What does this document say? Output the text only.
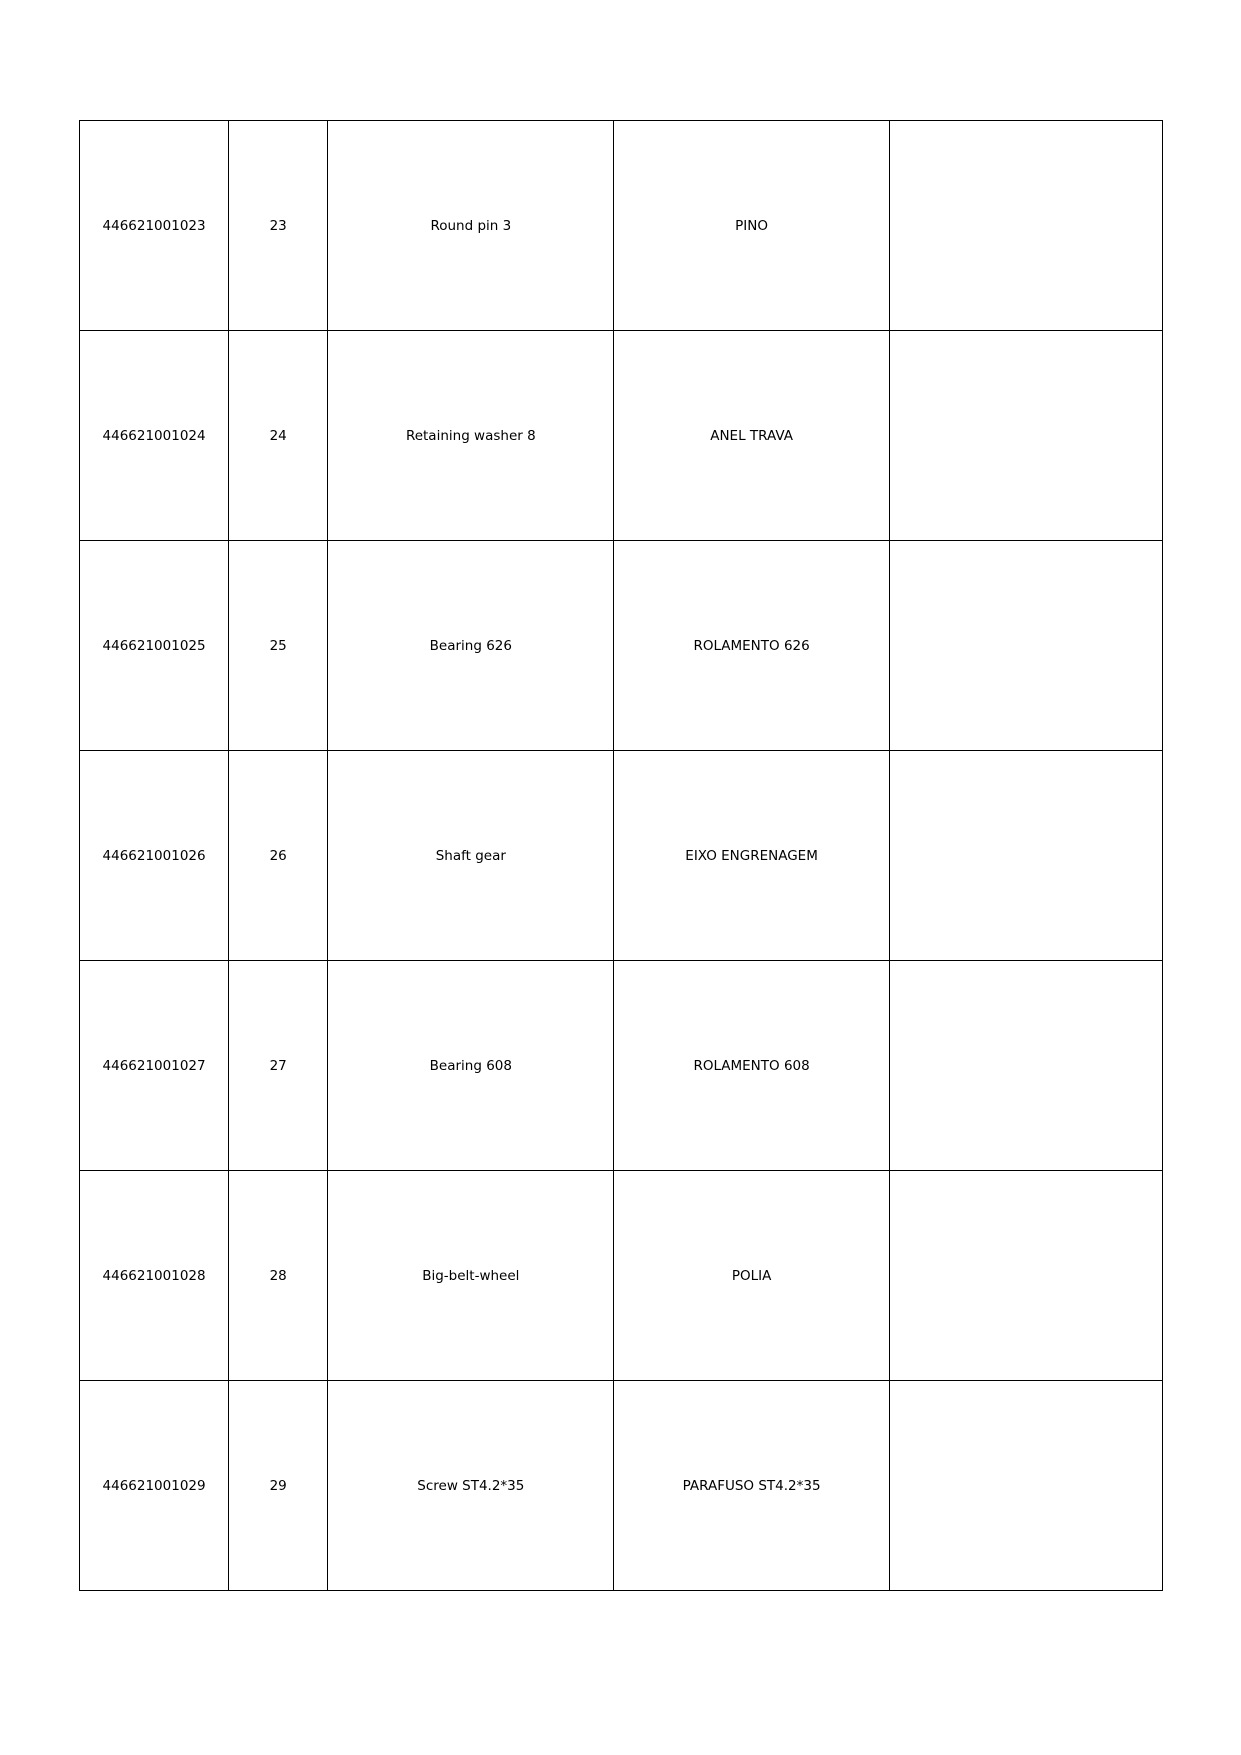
446621001023	23	Round pin 3	PINO	
446621001024	24	Retaining washer 8	ANEL TRAVA	
446621001025	25	Bearing 626	ROLAMENTO 626	
446621001026	26	Shaft gear	EIXO ENGRENAGEM	
446621001027	27	Bearing 608	ROLAMENTO 608	
446621001028	28	Big-belt-wheel	POLIA	
446621001029	29	Screw ST4.2*35	PARAFUSO ST4.2*35	
